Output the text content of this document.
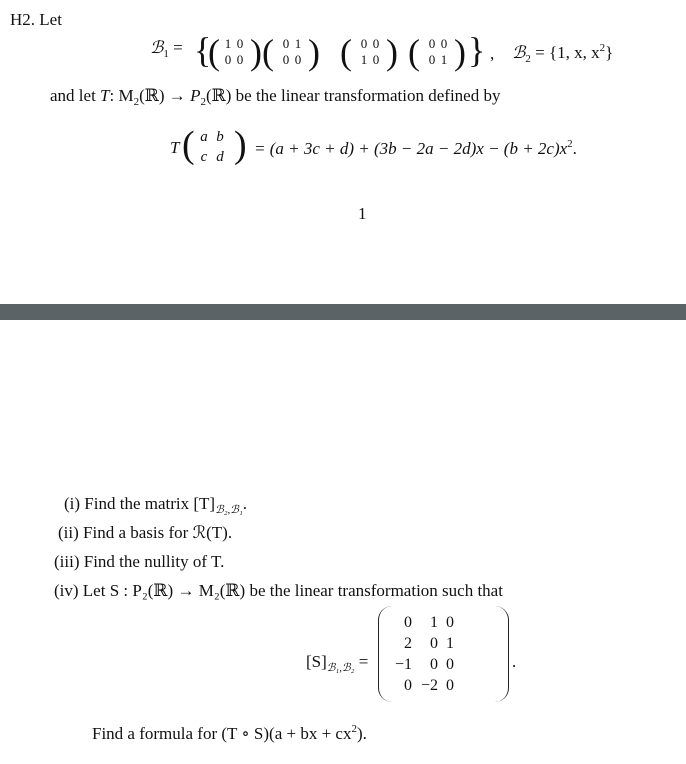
H2. Let
ℬ$_1$ = {
( 1 0
0 0 ) ( 0 1
0 0 ) ( 0 0
1 0 ) ( 0 0
0 1 ) } , ℬ$_2$ = {1, x, $x^2$}
and let T: $M_2(ℝ)$ → $P_2(ℝ)$ be the linear transformation defined by
T ( a b
c d ) = $(a + 3c + d) + (3b - 2a - 2d)x - (b + 2c)x^2$.
1
(i) Find the matrix $[T]_{ℬ_2,ℬ_1}$.
(ii) Find a basis for ℛ(T).
(iii) Find the nullity of T.
(iv) Let S : P₂(ℝ) → M₂(ℝ) be the linear transformation such that
$[S]_{ℬ_1,ℬ_2}$ =
0	1 0
2	0 1
−1	0 0
0 −2 0
.
Find a formula for (T ∘ S)(a + bx + $cx^2$).
